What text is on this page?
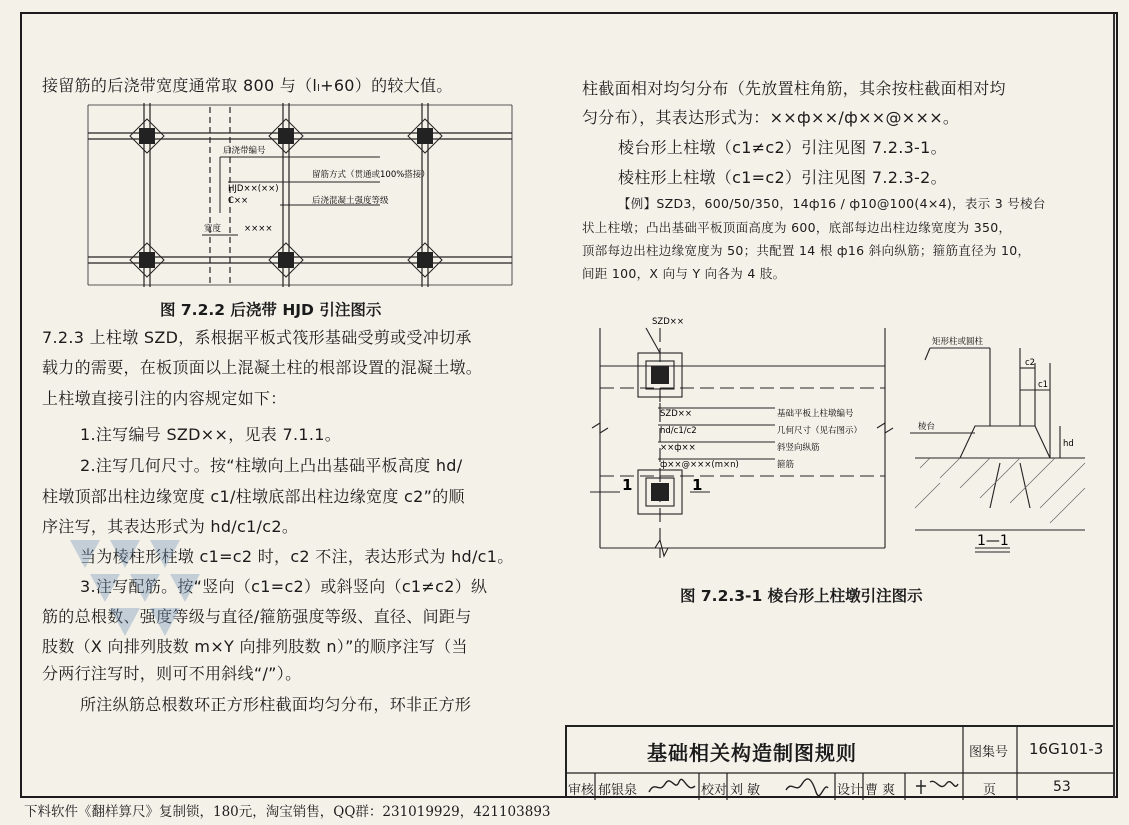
接留筋的后浇带宽度通常取 800 与（lₗ+60）的较大值。
后浇带编号
留筋方式（贯通或100%搭接）
HJD××(××)
C××	后浇混凝土强度等级
宽度	××××
图 7.2.2 后浇带 HJD 引注图示
7.2.3 上柱墩 SZD，系根据平板式筏形基础受剪或受冲切承
载力的需要，在板顶面以上混凝土柱的根部设置的混凝土墩。
上柱墩直接引注的内容规定如下：
1.注写编号 SZD××，见表 7.1.1。
2.注写几何尺寸。按“柱墩向上凸出基础平板高度 hd/
柱墩顶部出柱边缘宽度 c1/柱墩底部出柱边缘宽度 c2”的顺
序注写，其表达形式为 hd/c1/c2。
当为棱柱形柱墩 c1=c2 时，c2 不注，表达形式为 hd/c1。
3.注写配筋。按“竖向（c1=c2）或斜竖向（c1≠c2）纵
筋的总根数、强度等级与直径/箍筋强度等级、直径、间距与
肢数（X 向排列肢数 m×Y 向排列肢数 n）”的顺序注写（当
分两行注写时，则可不用斜线“/”）。
所注纵筋总根数环正方形柱截面均匀分布，环非正方形
柱截面相对均匀分布（先放置柱角筋，其余按柱截面相对均
匀分布），其表达形式为：××ф××/ф××@×××。
棱台形上柱墩（c1≠c2）引注见图 7.2.3-1。
棱柱形上柱墩（c1=c2）引注见图 7.2.3-2。
【例】SZD3，600/50/350，14ф16 / ф10@100(4×4)，表示 3 号棱台
状上柱墩；凸出基础平板顶面高度为 600，底部每边出柱边缘宽度为 350，
顶部每边出柱边缘宽度为 50；共配置 14 根 ф16 斜向纵筋；箍筋直径为 10，
间距 100，X 向与 Y 向各为 4 肢。
SZD××
SZD××
hd/c1/c2
××ф××
ф××@×××(m×n)
基础平板上柱墩编号
几何尺寸（见右图示）
斜竖向纵筋
箍筋
1	1
矩形柱或圆柱
棱台
c2
c1
hd
1—1
图 7.2.3-1 棱台形上柱墩引注图示
基础相关构造制图规则	图集号 16G101-3
审核 郁银泉	校对 刘 敏	设计 曹 爽	页	53
下料软件《翻样算尺》复制锁，180元，淘宝销售，QQ群：231019929，421103893
